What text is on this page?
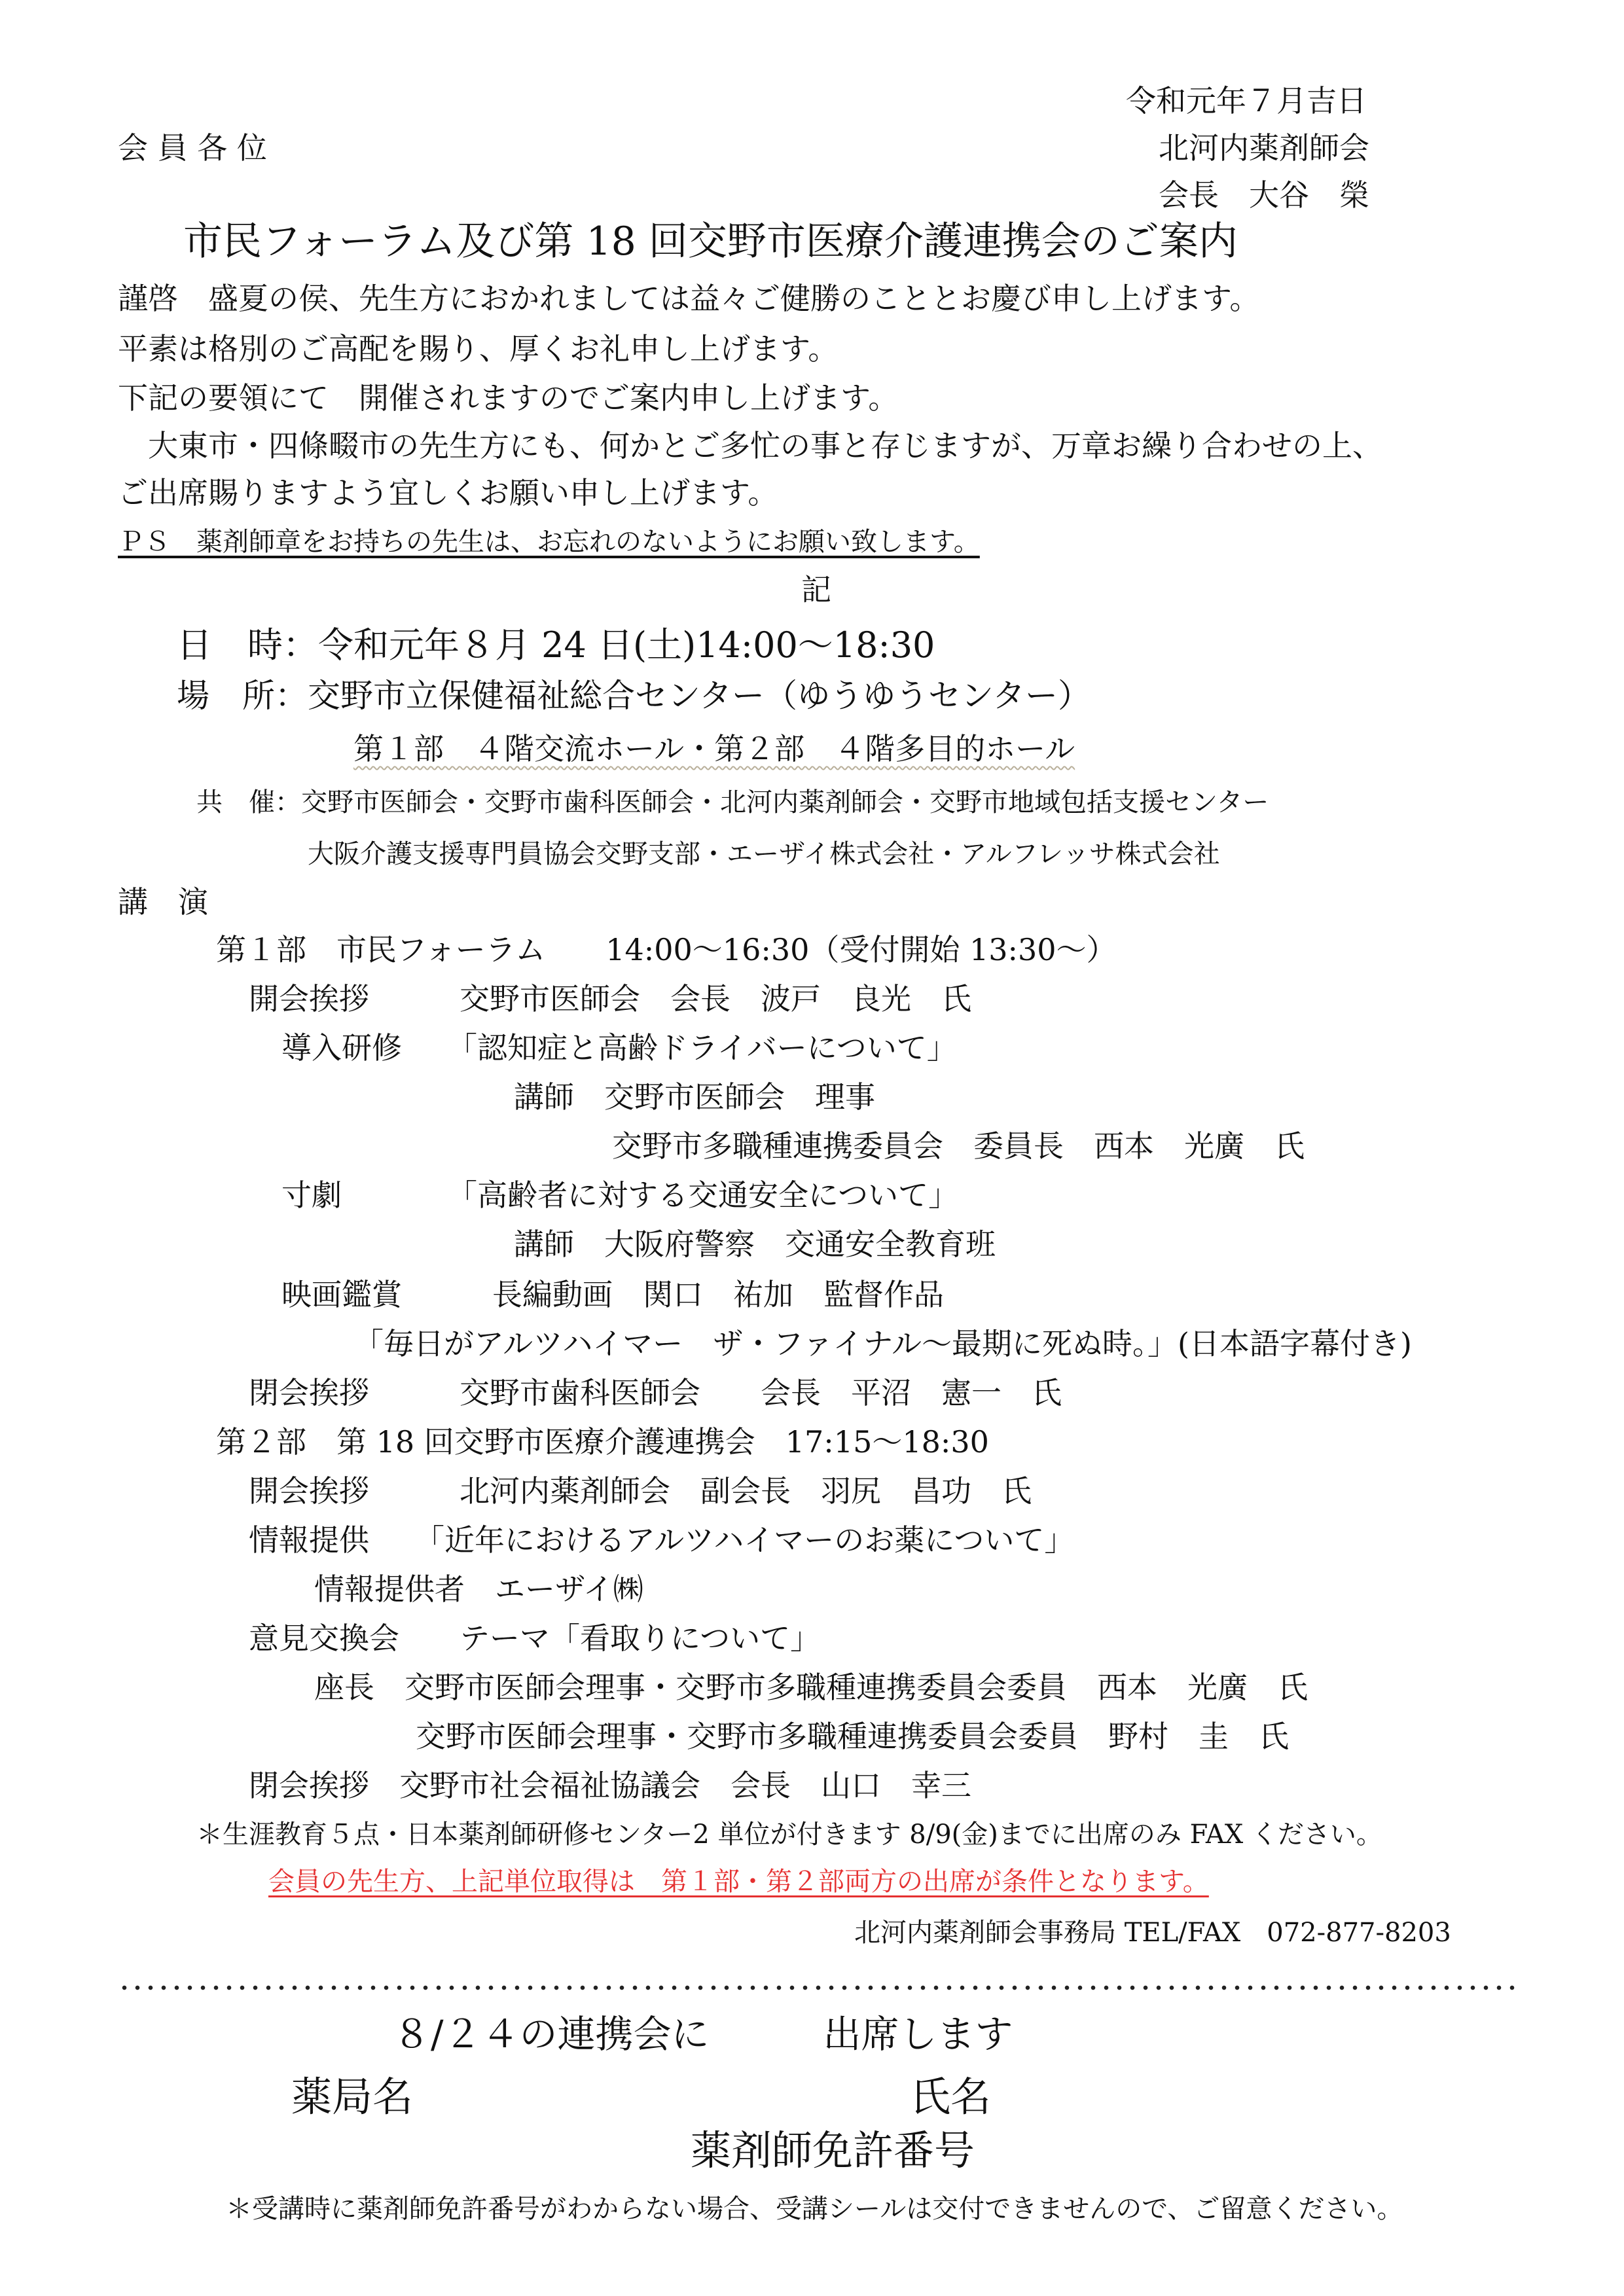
令和元年７月吉日
会 員 各 位	北河内薬剤師会
会長　大谷　榮
市民フォーラム及び第 18 回交野市医療介護連携会のご案内
謹啓　盛夏の侯、先生方におかれましては益々ご健勝のこととお慶び申し上げます。
平素は格別のご高配を賜り、厚くお礼申し上げます。
下記の要領にて　開催されますのでご案内申し上げます。
　大東市・四條畷市の先生方にも、何かとご多忙の事と存じますが、万章お繰り合わせの上、
ご出席賜りますよう宜しくお願い申し上げます。
ＰＳ　薬剤師章をお持ちの先生は、お忘れのないようにお願い致します。
記
日　時：令和元年８月 24 日(土)14:00～18:30
場　所：交野市立保健福祉総合センター（ゆうゆうセンター）
第１部　４階交流ホール・第２部　４階多目的ホール
共　催：交野市医師会・交野市歯科医師会・北河内薬剤師会・交野市地域包括支援センター
大阪介護支援専門員協会交野支部・エーザイ株式会社・アルフレッサ株式会社
講　演
第１部　市民フォーラム　　14:00～16:30（受付開始 13:30～）
開会挨拶　　　交野市医師会　会長　波戸　良光　氏
導入研修　　「認知症と高齢ドライバーについて」
講師　交野市医師会　理事
交野市多職種連携委員会　委員長　西本　光廣　氏
寸劇　　　　「高齢者に対する交通安全について」
講師　大阪府警察　交通安全教育班
映画鑑賞　　　長編動画　関口　祐加　監督作品
「毎日がアルツハイマー　ザ・ファイナル～最期に死ぬ時。」(日本語字幕付き)
閉会挨拶　　　交野市歯科医師会　　会長　平沼　憲一　氏
第２部　第 18 回交野市医療介護連携会　17:15～18:30
開会挨拶　　　北河内薬剤師会　副会長　羽尻　昌功　氏
情報提供　　「近年におけるアルツハイマーのお薬について」
情報提供者　エーザイ㈱
意見交換会　　テーマ「看取りについて」
座長　交野市医師会理事・交野市多職種連携委員会委員　西本　光廣　氏
交野市医師会理事・交野市多職種連携委員会委員　野村　圭　氏
閉会挨拶　交野市社会福祉協議会　会長　山口　幸三
＊生涯教育５点・日本薬剤師研修センター2 単位が付きます 8/9(金)までに出席のみ FAX ください。
会員の先生方、上記単位取得は　第１部・第２部両方の出席が条件となります。
北河内薬剤師会事務局 TEL/FAX　072-877-8203
８/２４の連携会に　　　出席します
薬局名	氏名
薬剤師免許番号
＊受講時に薬剤師免許番号がわからない場合、受講シールは交付できませんので、ご留意ください。
